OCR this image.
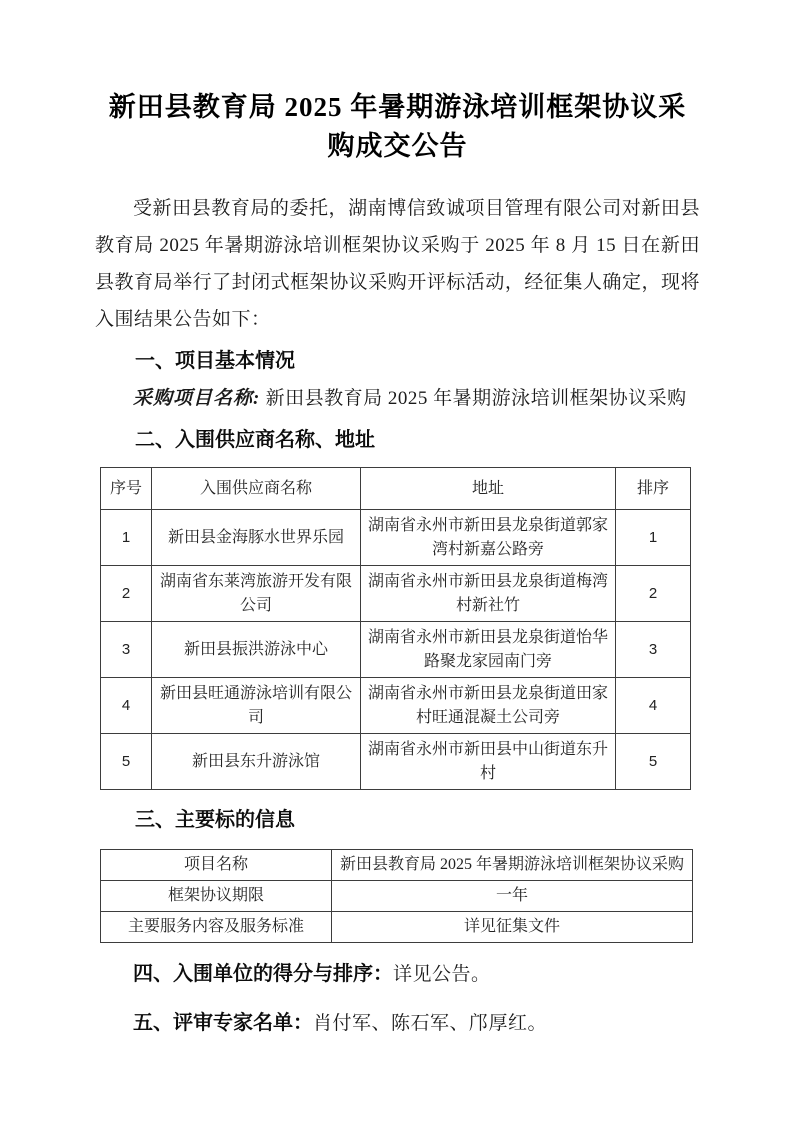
新田县教育局 2025 年暑期游泳培训框架协议采购成交公告

受新田县教育局的委托，湖南博信致诚项目管理有限公司对新田县教育局 2025 年暑期游泳培训框架协议采购于 2025 年 8 月 15 日在新田县教育局举行了封闭式框架协议采购开评标活动，经征集人确定，现将入围结果公告如下：

一、项目基本情况

采购项目名称: 新田县教育局 2025 年暑期游泳培训框架协议采购

二、入围供应商名称、地址

序号	入围供应商名称	地址	排序
1	新田县金海豚水世界乐园	湖南省永州市新田县龙泉街道郭家湾村新嘉公路旁	1
2	湖南省东莱湾旅游开发有限公司	湖南省永州市新田县龙泉街道梅湾村新社竹	2
3	新田县振洪游泳中心	湖南省永州市新田县龙泉街道怡华路聚龙家园南门旁	3
4	新田县旺通游泳培训有限公司	湖南省永州市新田县龙泉街道田家村旺通混凝土公司旁	4
5	新田县东升游泳馆	湖南省永州市新田县中山街道东升村	5

三、主要标的信息

项目名称	新田县教育局 2025 年暑期游泳培训框架协议采购
框架协议期限	一年
主要服务内容及服务标准	详见征集文件

四、入围单位的得分与排序：详见公告。

五、评审专家名单：肖付军、陈石军、邝厚红。
